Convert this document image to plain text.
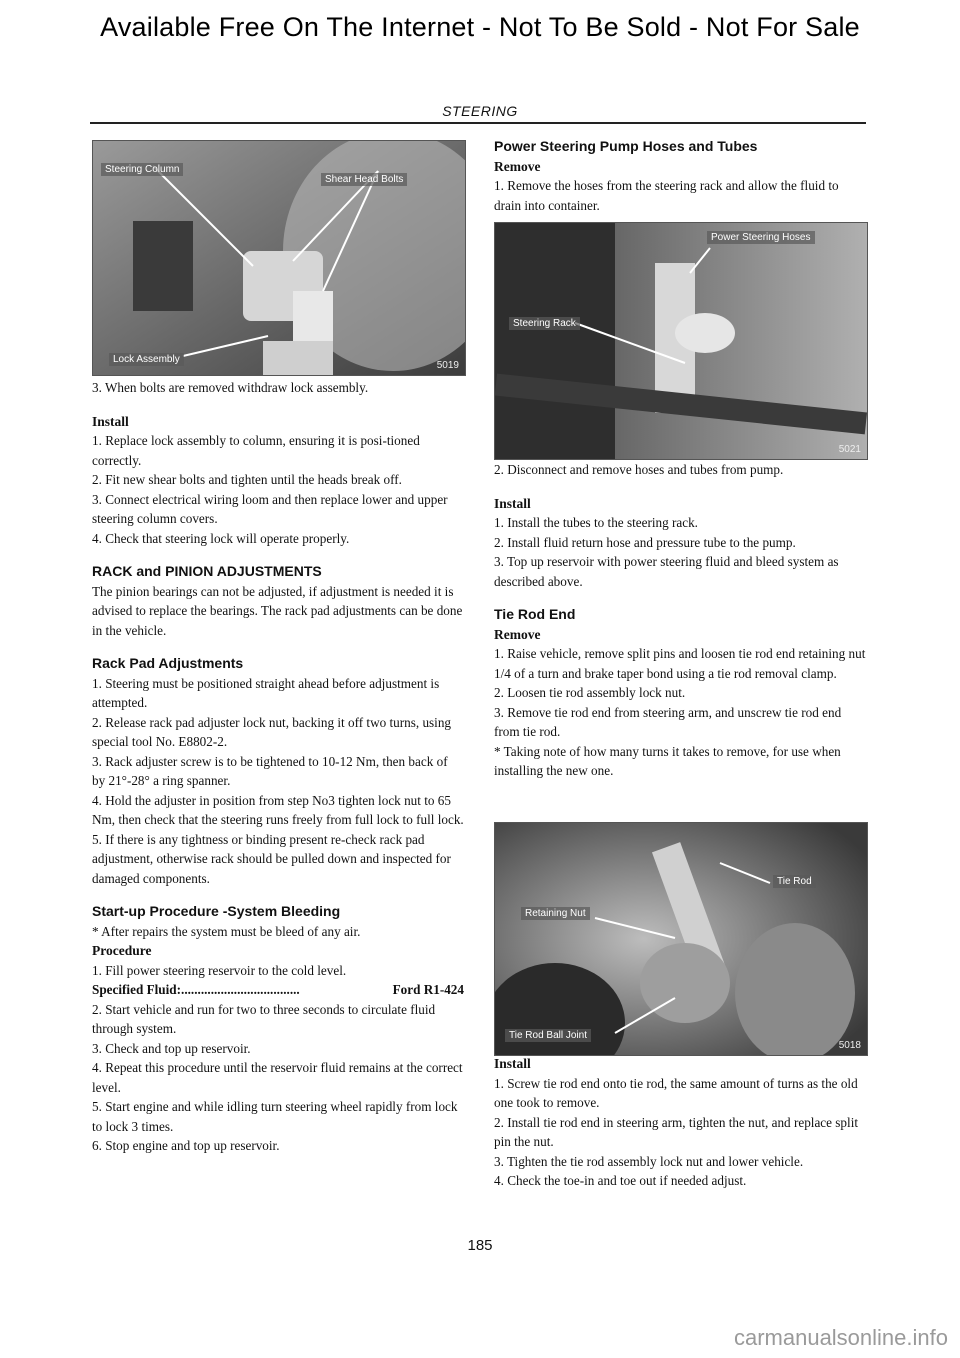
Available Free On The Internet - Not To Be Sold - Not For Sale
STEERING
Steering Column
Shear Head Bolts
Lock Assembly
5019

3. When bolts are removed withdraw lock assembly.

Install

1. Replace lock assembly to column, ensuring it is posi-tioned correctly.

2. Fit new shear bolts and tighten until the heads break off.

3. Connect electrical wiring loom and then replace lower and upper steering column covers.

4. Check that steering lock will operate properly.

RACK and PINION ADJUSTMENTS

The pinion bearings can not be adjusted, if adjustment is needed it is advised to replace the bearings. The rack pad adjustments can be done in the vehicle.

Rack Pad Adjustments

1. Steering must be positioned straight ahead before adjustment is attempted.

2. Release rack pad adjuster lock nut, backing it off two turns, using special tool No. E8802-2.

3. Rack adjuster screw is to be tightened to 10-12 Nm, then back of by 21°-28° a ring spanner.

4. Hold the adjuster in position from step No3 tighten lock nut to 65 Nm, then check that the steering runs freely from full lock to full lock.

5. If there is any tightness or binding present re-check rack pad adjustment, otherwise rack should be pulled down and inspected for damaged components.

Start-up Procedure -System Bleeding

* After repairs the system must be bleed of any air.

Procedure

1. Fill power steering reservoir to the cold level.

Specified Fluid: ....................................	Ford R1-424

2. Start vehicle and run for two to three seconds to circulate fluid through system.

3. Check and top up reservoir.

4. Repeat this procedure until the reservoir fluid remains at the correct level.

5. Start engine and while idling turn steering wheel rapidly from lock to lock 3 times.

6. Stop engine and top up reservoir.

Power Steering Pump Hoses and Tubes

Remove

1. Remove the hoses from the steering rack and allow the fluid to drain into container.

Power Steering Hoses
Steering Rack
5021

2. Disconnect and remove hoses and tubes from pump.

Install

1. Install the tubes to the steering rack.

2. Install fluid return hose and pressure tube to the pump.

3. Top up reservoir with power steering fluid and bleed system as described above.

Tie Rod End

Remove

1. Raise vehicle, remove split pins and loosen tie rod end retaining nut 1/4 of a turn and brake taper bond using a tie rod removal clamp.

2. Loosen tie rod assembly lock nut.

3. Remove tie rod end from steering arm, and unscrew tie rod end from tie rod.

* Taking note of how many turns it takes to remove, for use when installing the new one.

Tie Rod
Retaining Nut
Tie Rod Ball Joint
5018

Install

1. Screw tie rod end onto tie rod, the same amount of turns as the old one took to remove.

2. Install tie rod end in steering arm, tighten the nut, and replace split pin the nut.

3. Tighten the tie rod assembly lock nut and lower vehicle.

4. Check the toe-in and toe out if needed adjust.

185
carmanualsonline.info
